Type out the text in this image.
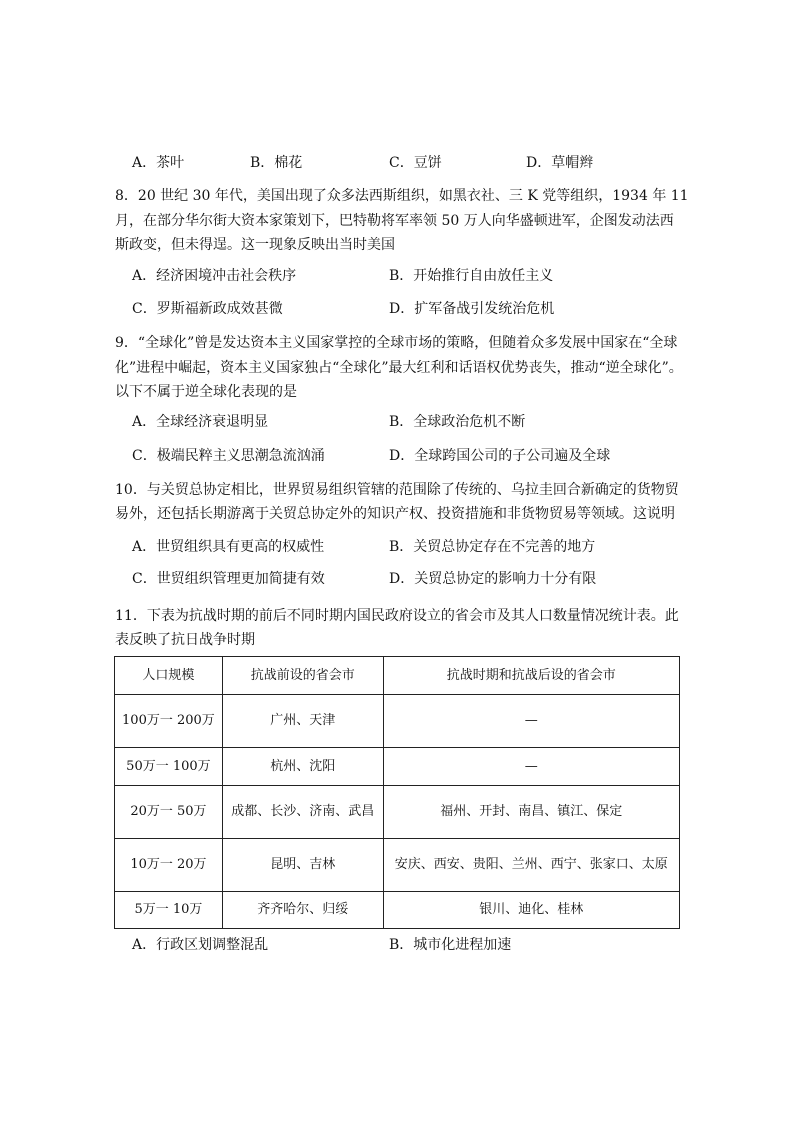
A．茶叶	B．棉花	C．豆饼	D．草帽辫
8．20 世纪 30 年代，美国出现了众多法西斯组织，如黑衣社、三 K 党等组织，1934 年 11
月，在部分华尔街大资本家策划下，巴特勒将军率领 50 万人向华盛顿进军，企图发动法西
斯政变，但未得逞。这一现象反映出当时美国
A．经济困境冲击社会秩序	B．开始推行自由放任主义
C．罗斯福新政成效甚微	D．扩军备战引发统治危机
9．“全球化”曾是发达资本主义国家掌控的全球市场的策略，但随着众多发展中国家在“全球
化”进程中崛起，资本主义国家独占“全球化”最大红利和话语权优势丧失，推动“逆全球化”。
以下不属于逆全球化表现的是
A．全球经济衰退明显	B．全球政治危机不断
C．极端民粹主义思潮急流汹涌	D．全球跨国公司的子公司遍及全球
10．与关贸总协定相比，世界贸易组织管辖的范围除了传统的、乌拉圭回合新确定的货物贸
易外，还包括长期游离于关贸总协定外的知识产权、投资措施和非货物贸易等领域。这说明
A．世贸组织具有更高的权威性	B．关贸总协定存在不完善的地方
C．世贸组织管理更加简捷有效	D．关贸总协定的影响力十分有限
11．下表为抗战时期的前后不同时期内国民政府设立的省会市及其人口数量情况统计表。此
表反映了抗日战争时期
人口规模	抗战前设的省会市	抗战时期和抗战后设的省会市
100万一 200万	广州、天津	—
50万一 100万	杭州、沈阳	—
20万一 50万	成都、长沙、济南、武昌	福州、开封、南昌、镇江、保定
10万一 20万	昆明、吉林	安庆、西安、贵阳、兰州、西宁、张家口、太原
5万一 10万	齐齐哈尔、归绥	银川、迪化、桂林
A．行政区划调整混乱	B．城市化进程加速
